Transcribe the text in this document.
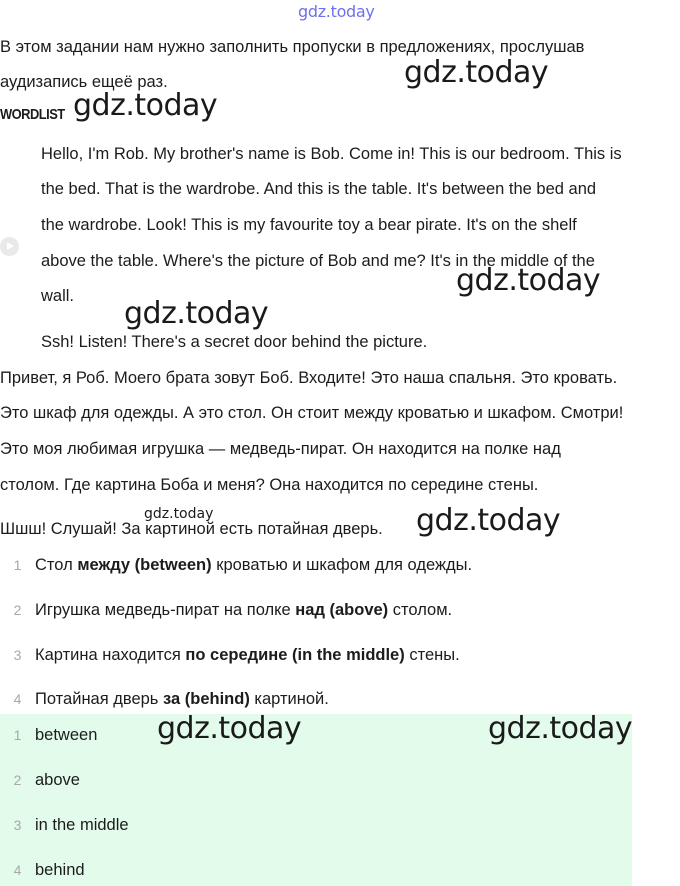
gdz.today
В этом задании нам нужно заполнить пропуски в предложениях, прослушав
аудизапись ещеё раз.
WORDLIST
Hello, I'm Rob. My brother's name is Bob. Come in! This is our bedroom. This is
the bed. That is the wardrobe. And this is the table. It's between the bed and
the wardrobe. Look! This is my favourite toy a bear pirate. It's on the shelf
above the table. Where's the picture of Bob and me? It's in the middle of the
wall.
Ssh! Listen! There's a secret door behind the picture.
Привет, я Роб. Моего брата зовут Боб. Входите! Это наша спальня. Это кровать.
Это шкаф для одежды. А это стол. Он стоит между кроватью и шкафом. Смотри!
Это моя любимая игрушка — медведь-пират. Он находится на полке над
столом. Где картина Боба и меня? Она находится по середине стены.
Шшш! Слушай! За картиной есть потайная дверь.
1 Стол между (between) кроватью и шкафом для одежды.
2 Игрушка медведь-пират на полке над (above) столом.
3 Картина находится по середине (in the middle) стены.
4 Потайная дверь за (behind) картиной.
1 between
2 above
3 in the middle
4 behind
gdz.today
gdz.today
gdz.today
gdz.today
gdz.today	gdz.today
gdz.today	gdz.today
